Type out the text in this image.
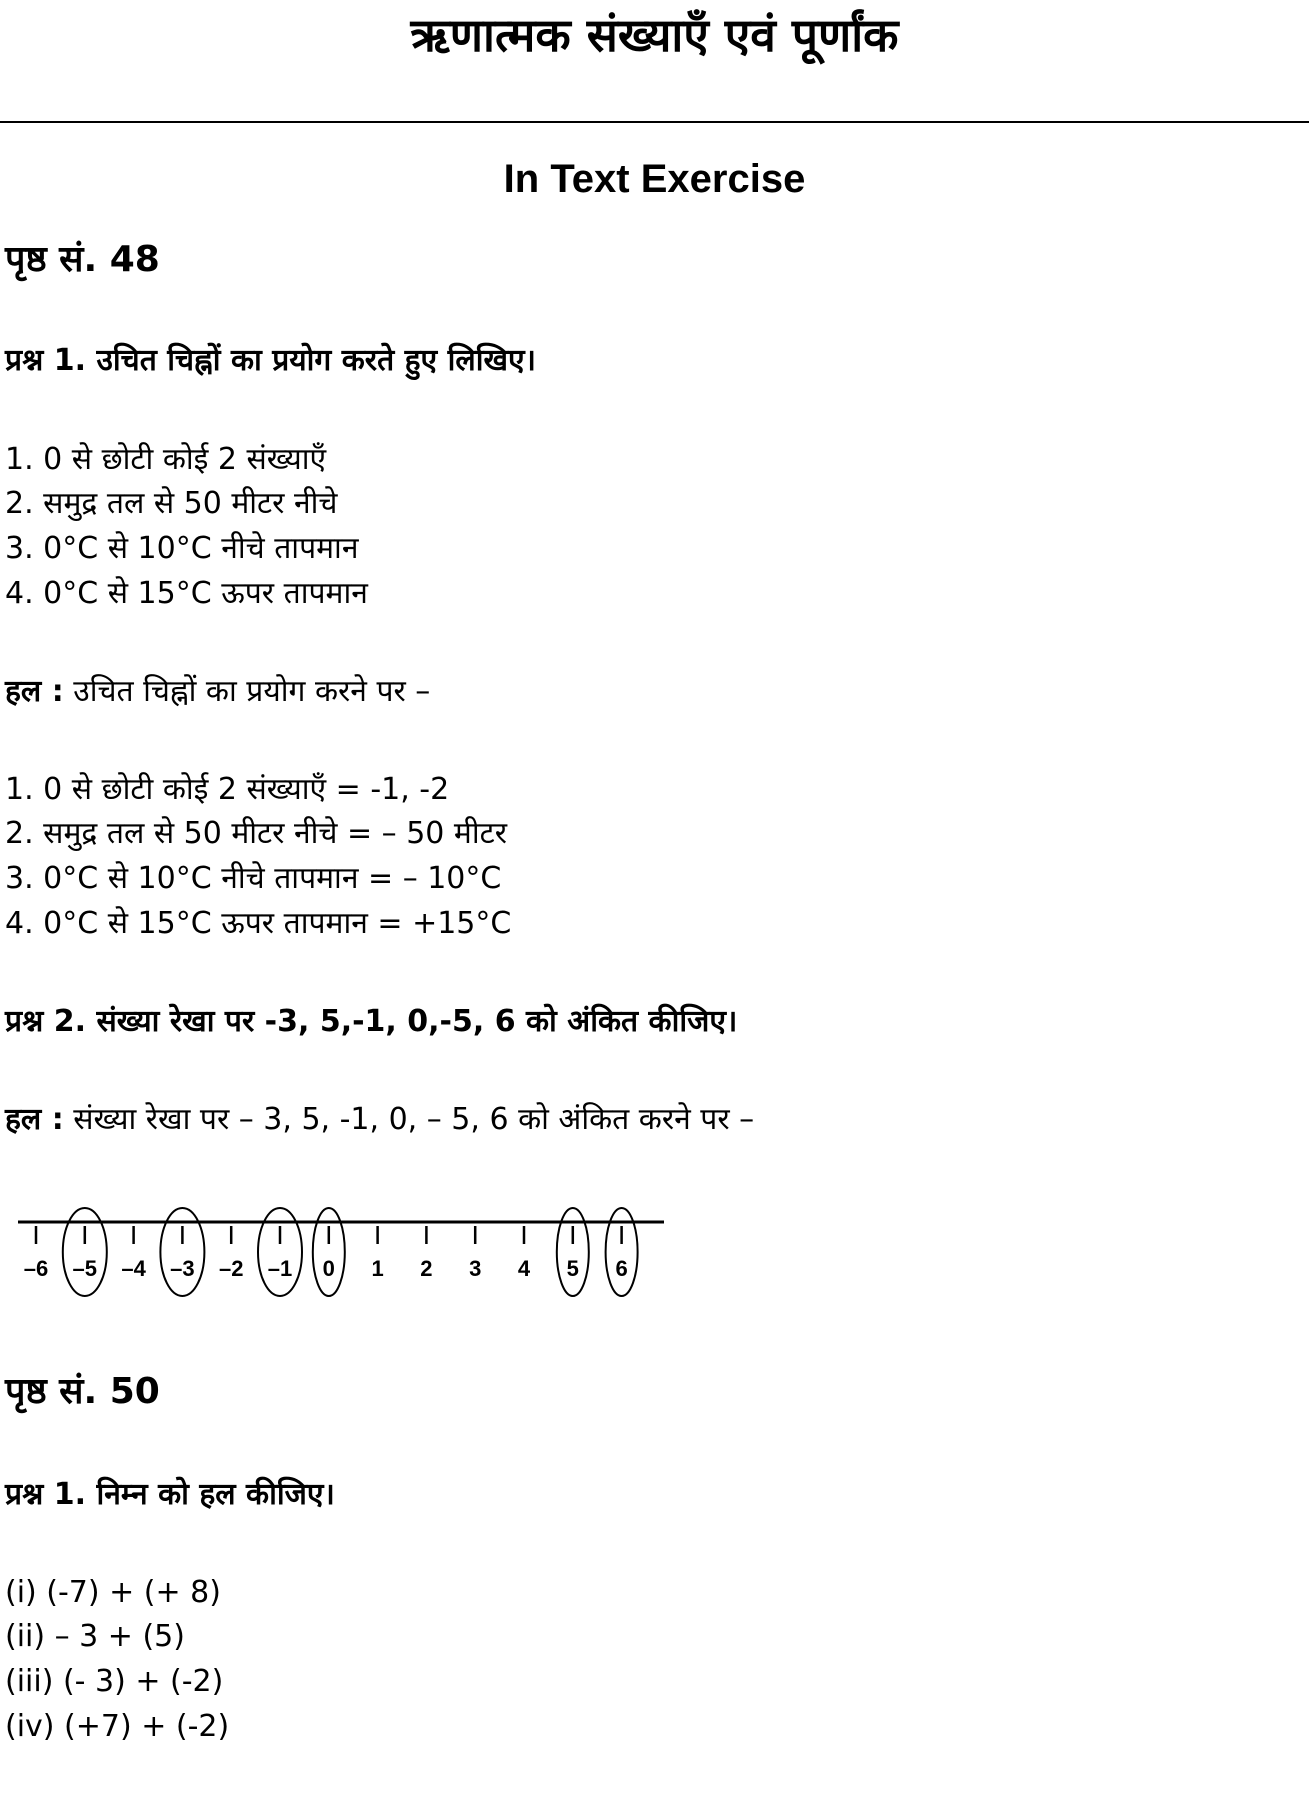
ऋणात्मक संख्याएँ एवं पूर्णांक
In Text Exercise
पृष्ठ सं. 48
प्रश्न 1. उचित चिह्नों का प्रयोग करते हुए लिखिए।
1. 0 से छोटी कोई 2 संख्याएँ
2. समुद्र तल से 50 मीटर नीचे
3. 0°C से 10°C नीचे तापमान
4. 0°C से 15°C ऊपर तापमान
हल : उचित चिह्नों का प्रयोग करने पर –
1. 0 से छोटी कोई 2 संख्याएँ = -1, -2
2. समुद्र तल से 50 मीटर नीचे = – 50 मीटर
3. 0°C से 10°C नीचे तापमान = – 10°C
4. 0°C से 15°C ऊपर तापमान = +15°C
प्रश्न 2. संख्या रेखा पर -3, 5,-1, 0,-5, 6 को अंकित कीजिए।
हल : संख्या रेखा पर – 3, 5, -1, 0, – 5, 6 को अंकित करने पर –
–6 –5 –4 –3 –2 –1 0 1 2 3 4 5 6
पृष्ठ सं. 50
प्रश्न 1. निम्न को हल कीजिए।
(i) (-7) + (+ 8)
(ii) – 3 + (5)
(iii) (- 3) + (-2)
(iv) (+7) + (-2)
